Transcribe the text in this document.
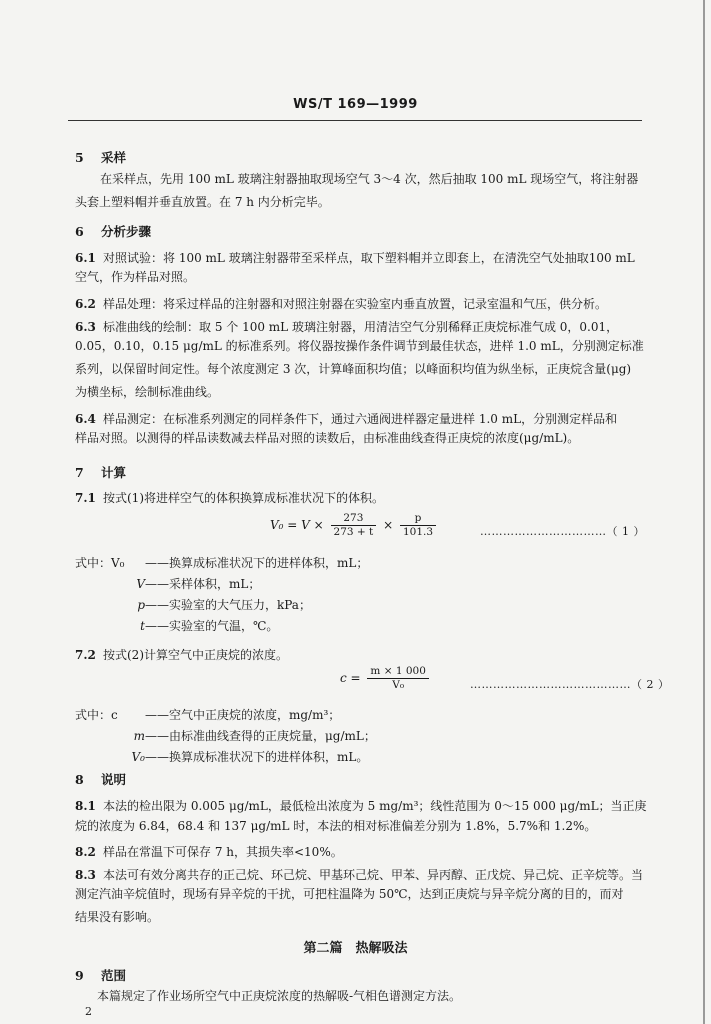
WS/T 169—1999
5 采样
在采样点，先用 100 mL 玻璃注射器抽取现场空气 3～4 次，然后抽取 100 mL 现场空气，将注射器
头套上塑料帽并垂直放置。在 7 h 内分析完毕。
6 分析步骤
6.1 对照试验：将 100 mL 玻璃注射器带至采样点，取下塑料帽并立即套上，在清洗空气处抽取100 mL
空气，作为样品对照。
6.2 样品处理：将采过样品的注射器和对照注射器在实验室内垂直放置，记录室温和气压，供分析。
6.3 标准曲线的绘制：取 5 个 100 mL 玻璃注射器，用清洁空气分别稀释正庚烷标准气成 0，0.01，
0.05，0.10，0.15 μg/mL 的标准系列。将仪器按操作条件调节到最佳状态，进样 1.0 mL，分别测定标准
系列，以保留时间定性。每个浓度测定 3 次，计算峰面积均值；以峰面积均值为纵坐标，正庚烷含量(μg)
为横坐标，绘制标准曲线。
6.4 样品测定：在标准系列测定的同样条件下，通过六通阀进样器定量进样 1.0 mL，分别测定样品和
样品对照。以测得的样品读数减去样品对照的读数后，由标准曲线查得正庚烷的浓度(μg/mL)。
7 计算
7.1 按式(1)将进样空气的体积换算成标准状况下的体积。
$V_0 = V \times \frac{273}{273 + t} \times \frac{p}{101.3}$	……………………………（ 1 ）
式中：V₀ ——换算成标准状况下的进样体积，mL；
V——采样体积，mL；
p——实验室的大气压力，kPa；
t——实验室的气温，℃。
7.2 按式(2)计算空气中正庚烷的浓度。
$c = \frac{m \times 1 000}{\text{V₀}}$	……………………………………（ 2 ）
式中：c ——空气中正庚烷的浓度，mg/m³；
m——由标准曲线查得的正庚烷量，μg/mL；
V₀——换算成标准状况下的进样体积，mL。
8 说明
8.1 本法的检出限为 0.005 μg/mL，最低检出浓度为 5 mg/m³；线性范围为 0～15 000 μg/mL；当正庚
烷的浓度为 6.84，68.4 和 137 μg/mL 时，本法的相对标准偏差分别为 1.8%，5.7%和 1.2%。
8.2 样品在常温下可保存 7 h，其损失率<10%。
8.3 本法可有效分离共存的正己烷、环己烷、甲基环己烷、甲苯、异丙醇、正戊烷、异己烷、正辛烷等。当
测定汽油辛烷值时，现场有异辛烷的干扰，可把柱温降为 50℃，达到正庚烷与异辛烷分离的目的，而对
结果没有影响。
第二篇　热解吸法
9 范围
本篇规定了作业场所空气中正庚烷浓度的热解吸-气相色谱测定方法。
2
